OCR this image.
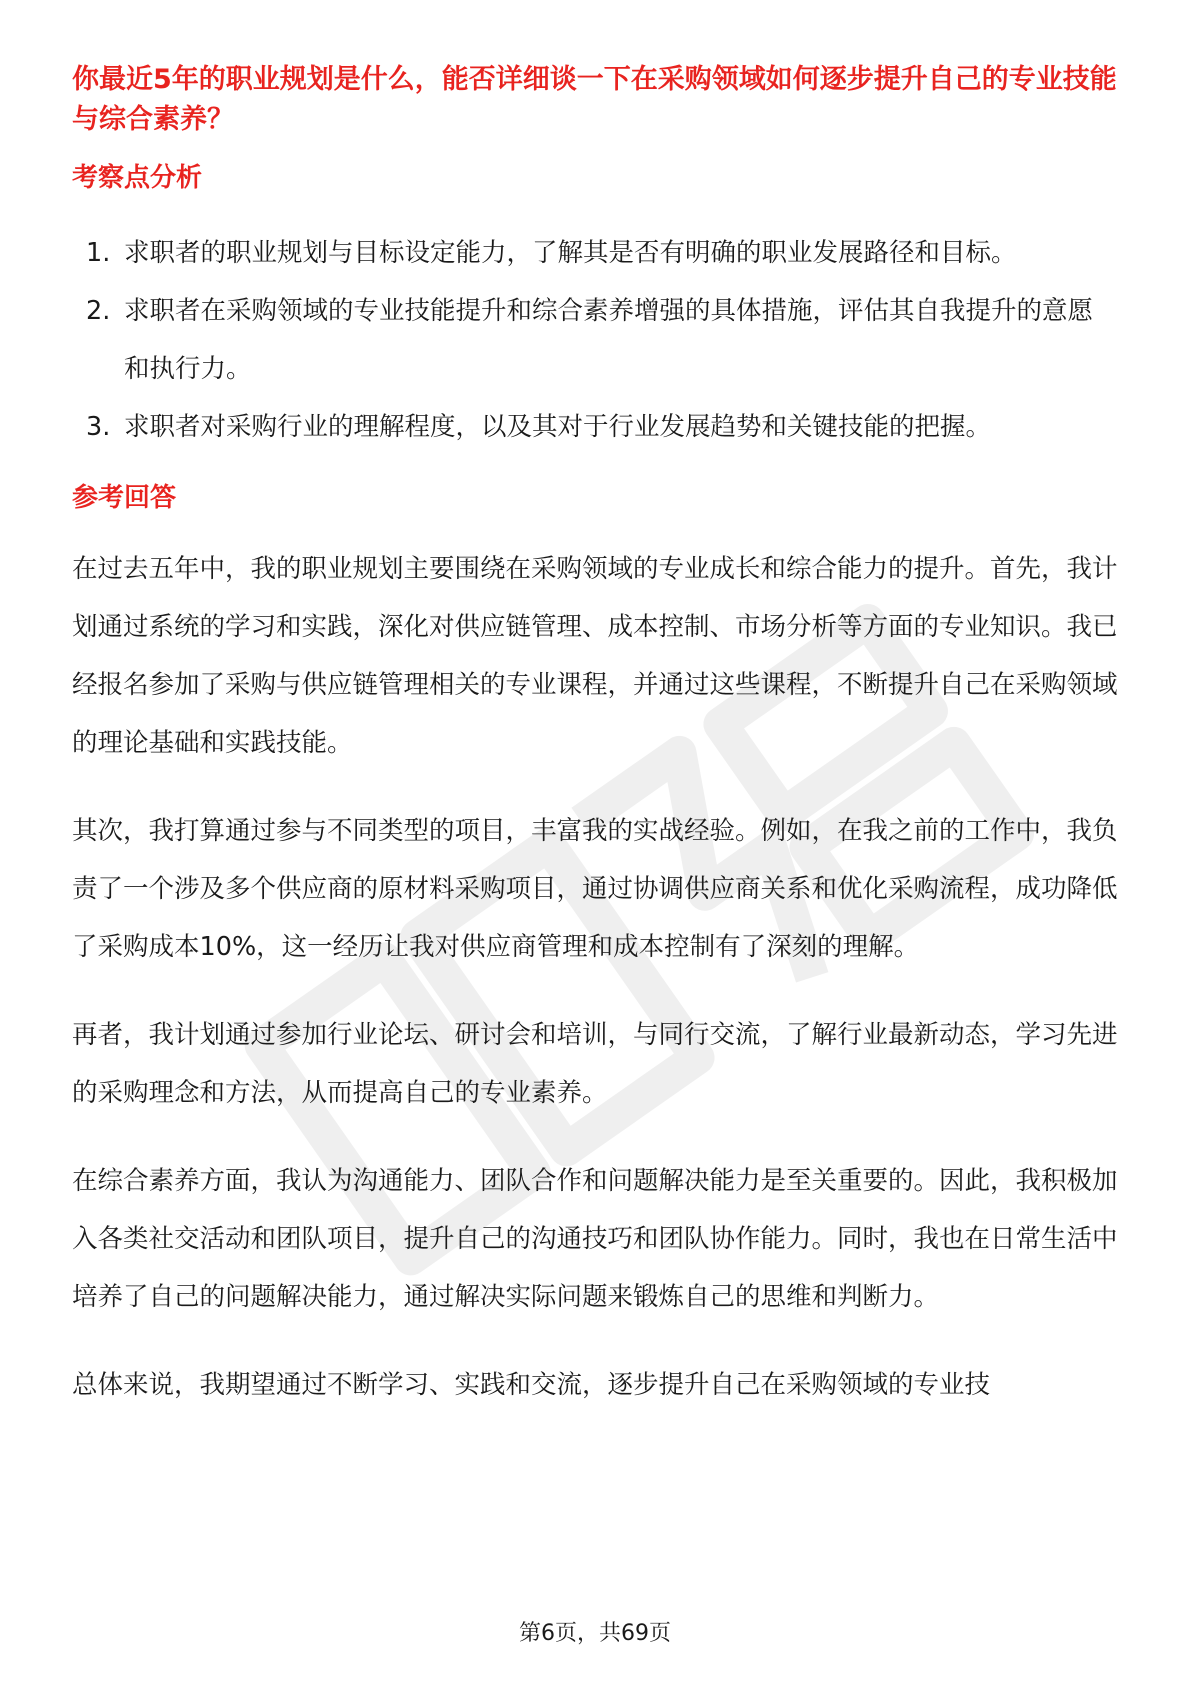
你最近5年的职业规划是什么，能否详细谈一下在采购领域如何逐步提升自己的专业技能与综合素养？
考察点分析
1. 求职者的职业规划与目标设定能力，了解其是否有明确的职业发展路径和目标。
2. 求职者在采购领域的专业技能提升和综合素养增强的具体措施，评估其自我提升的意愿和执行力。
3. 求职者对采购行业的理解程度，以及其对于行业发展趋势和关键技能的把握。
参考回答

在过去五年中，我的职业规划主要围绕在采购领域的专业成长和综合能力的提升。首先，我计划通过系统的学习和实践，深化对供应链管理、成本控制、市场分析等方面的专业知识。我已经报名参加了采购与供应链管理相关的专业课程，并通过这些课程，不断提升自己在采购领域的理论基础和实践技能。

其次，我打算通过参与不同类型的项目，丰富我的实战经验。例如，在我之前的工作中，我负责了一个涉及多个供应商的原材料采购项目，通过协调供应商关系和优化采购流程，成功降低了采购成本10%，这一经历让我对供应商管理和成本控制有了深刻的理解。

再者，我计划通过参加行业论坛、研讨会和培训，与同行交流，了解行业最新动态，学习先进的采购理念和方法，从而提高自己的专业素养。

在综合素养方面，我认为沟通能力、团队合作和问题解决能力是至关重要的。因此，我积极加入各类社交活动和团队项目，提升自己的沟通技巧和团队协作能力。同时，我也在日常生活中培养了自己的问题解决能力，通过解决实际问题来锻炼自己的思维和判断力。

总体来说，我期望通过不断学习、实践和交流，逐步提升自己在采购领域的专业技

第6页，共69页
